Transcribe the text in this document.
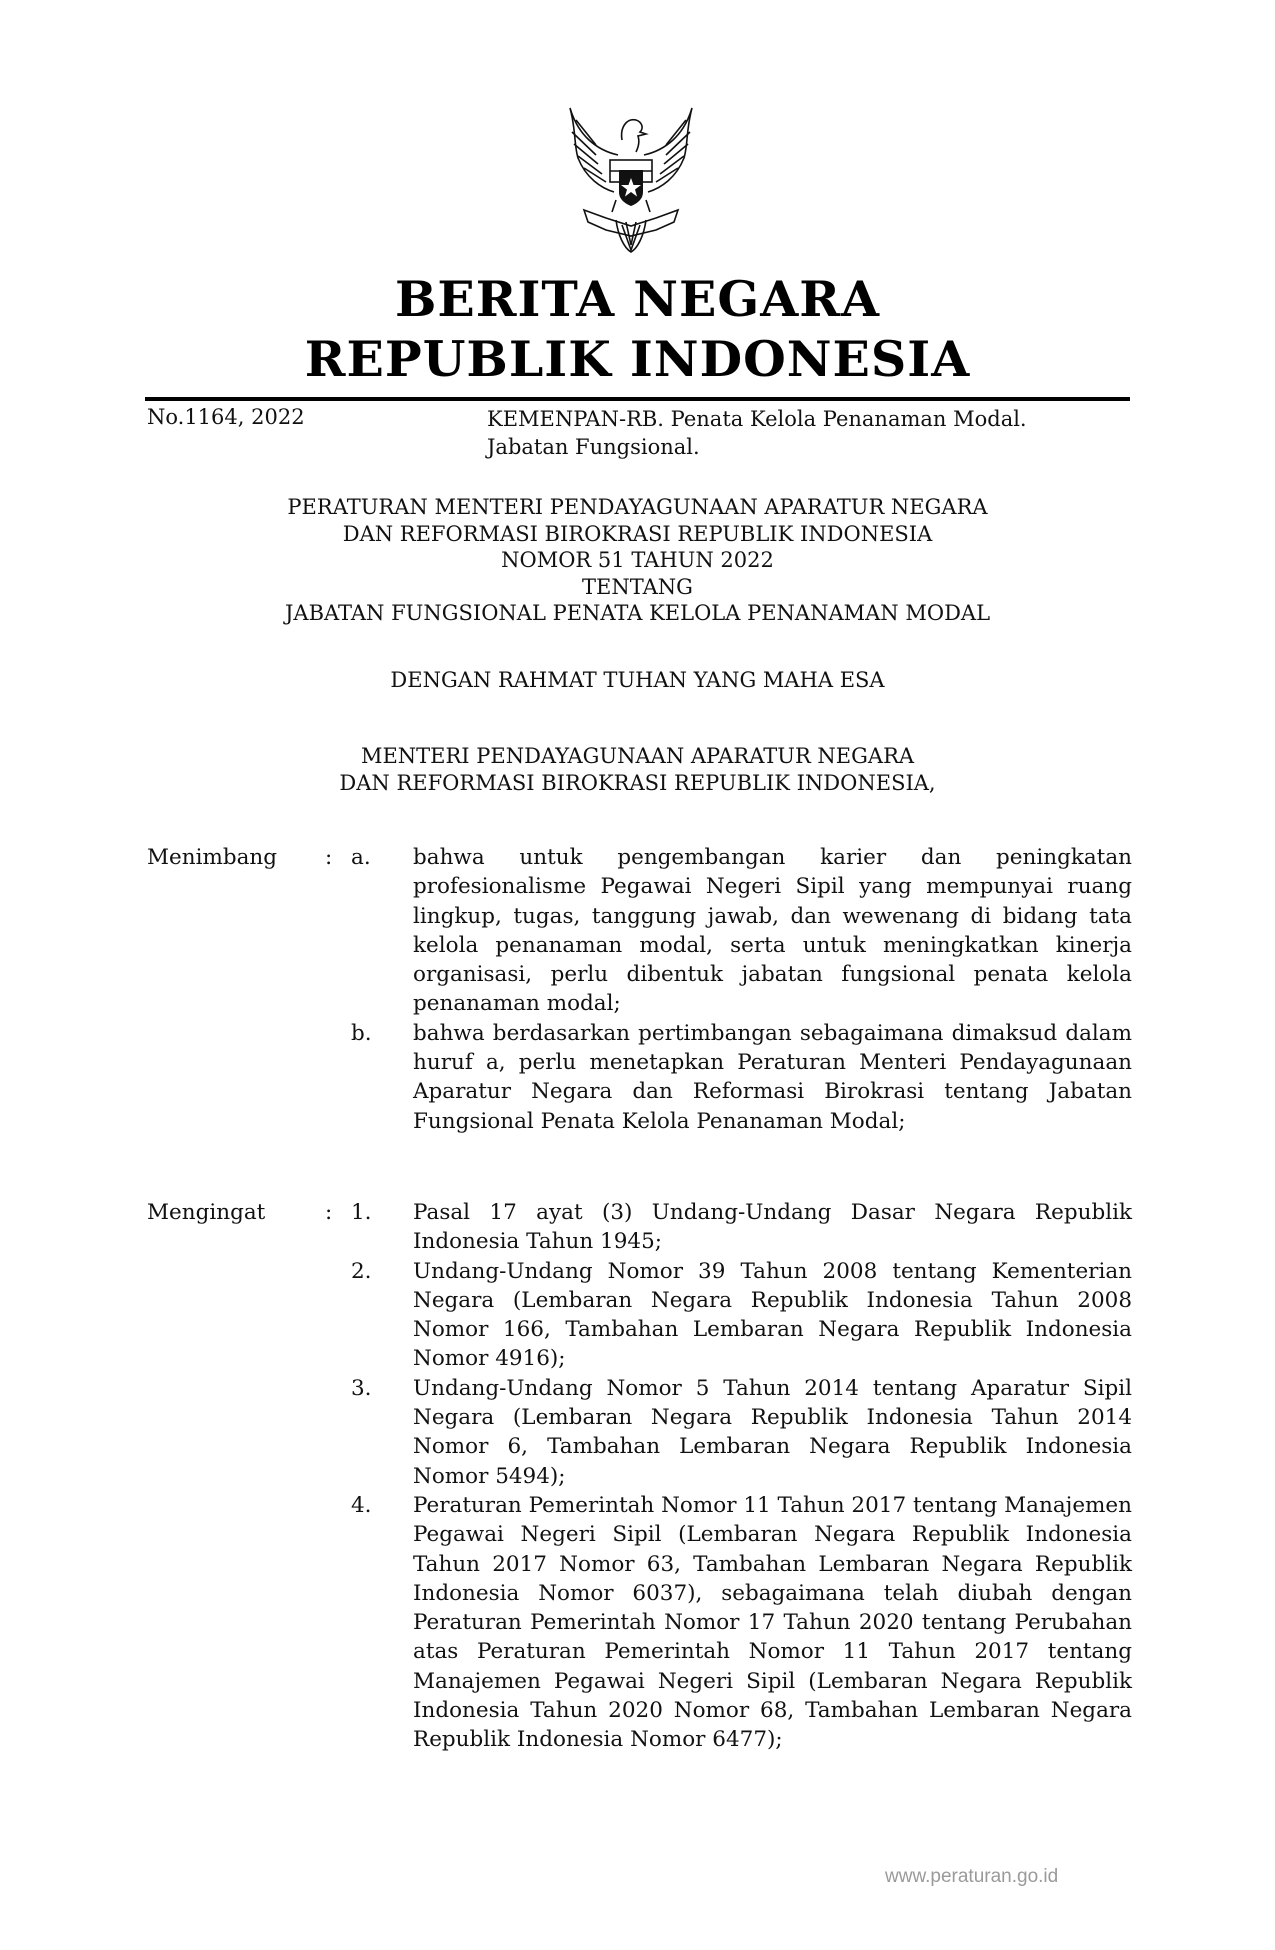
BERITA NEGARA
REPUBLIK INDONESIA
No.1164, 2022	KEMENPAN-RB. Penata Kelola Penanaman Modal.
Jabatan Fungsional.
PERATURAN MENTERI PENDAYAGUNAAN APARATUR NEGARA
DAN REFORMASI BIROKRASI REPUBLIK INDONESIA
NOMOR 51 TAHUN 2022
TENTANG
JABATAN FUNGSIONAL PENATA KELOLA PENANAMAN MODAL
DENGAN RAHMAT TUHAN YANG MAHA ESA
MENTERI PENDAYAGUNAAN APARATUR NEGARA
DAN REFORMASI BIROKRASI REPUBLIK INDONESIA,
Menimbang	: a.	bahwa untuk pengembangan karier dan peningkatan profesionalisme Pegawai Negeri Sipil yang mempunyai ruang lingkup, tugas, tanggung jawab, dan wewenang di bidang tata kelola penanaman modal, serta untuk meningkatkan kinerja organisasi, perlu dibentuk jabatan fungsional penata kelola penanaman modal;
b.	bahwa berdasarkan pertimbangan sebagaimana dimaksud dalam huruf a, perlu menetapkan Peraturan Menteri Pendayagunaan Aparatur Negara dan Reformasi Birokrasi tentang Jabatan Fungsional Penata Kelola Penanaman Modal;
Mengingat	: 1.	Pasal 17 ayat (3) Undang-Undang Dasar Negara Republik Indonesia Tahun 1945;
2.	Undang-Undang Nomor 39 Tahun 2008 tentang Kementerian Negara (Lembaran Negara Republik Indonesia Tahun 2008 Nomor 166, Tambahan Lembaran Negara Republik Indonesia Nomor 4916);
3.	Undang-Undang Nomor 5 Tahun 2014 tentang Aparatur Sipil Negara (Lembaran Negara Republik Indonesia Tahun 2014 Nomor 6, Tambahan Lembaran Negara Republik Indonesia Nomor 5494);
4.	Peraturan Pemerintah Nomor 11 Tahun 2017 tentang Manajemen Pegawai Negeri Sipil (Lembaran Negara Republik Indonesia Tahun 2017 Nomor 63, Tambahan Lembaran Negara Republik Indonesia Nomor 6037), sebagaimana telah diubah dengan Peraturan Pemerintah Nomor 17 Tahun 2020 tentang Perubahan atas Peraturan Pemerintah Nomor 11 Tahun 2017 tentang Manajemen Pegawai Negeri Sipil (Lembaran Negara Republik Indonesia Tahun 2020 Nomor 68, Tambahan Lembaran Negara Republik Indonesia Nomor 6477);
www.peraturan.go.id
